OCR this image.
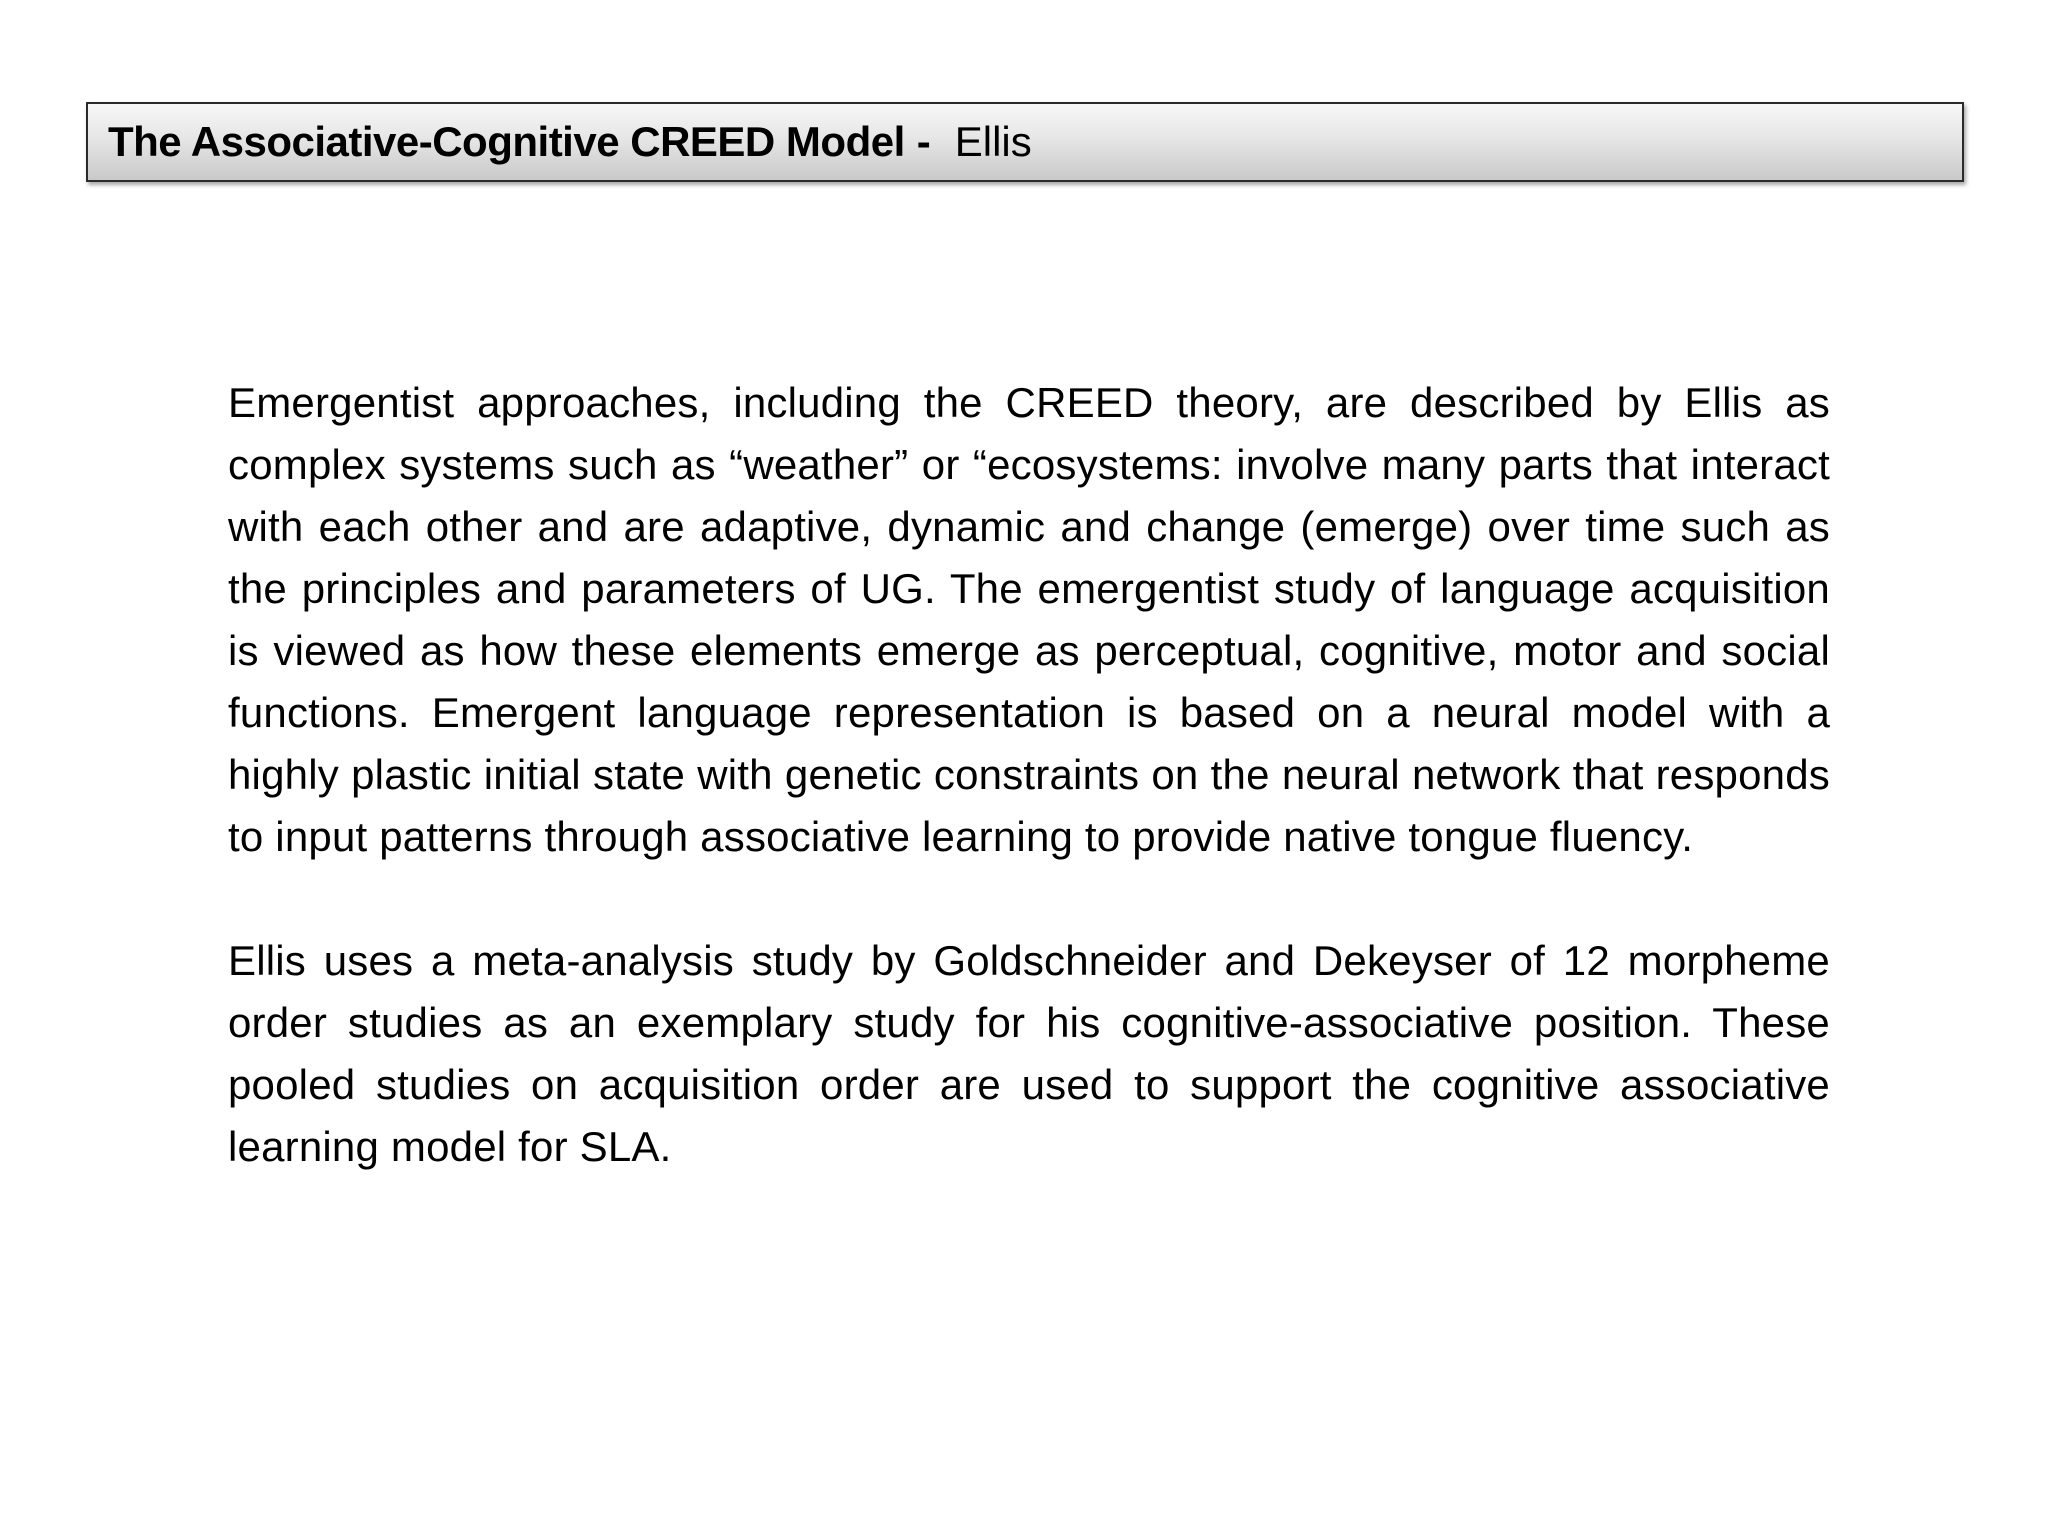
The Associative-Cognitive CREED Model - Ellis

Emergentist approaches, including the CREED theory, are described by Ellis as complex systems such as “weather” or “ecosystems: involve many parts that interact with each other and are adaptive, dynamic and change (emerge) over time such as the principles and parameters of UG. The emergentist study of language acquisition is viewed as how these elements emerge as perceptual, cognitive, motor and social functions. Emergent language representation is based on a neural model with a highly plastic initial state with genetic constraints on the neural network that responds to input patterns through associative learning to provide native tongue fluency.

Ellis uses a meta-analysis study by Goldschneider and Dekeyser of 12 morpheme order studies as an exemplary study for his cognitive-associative position. These pooled studies on acquisition order are used to support the cognitive associative learning model for SLA.
